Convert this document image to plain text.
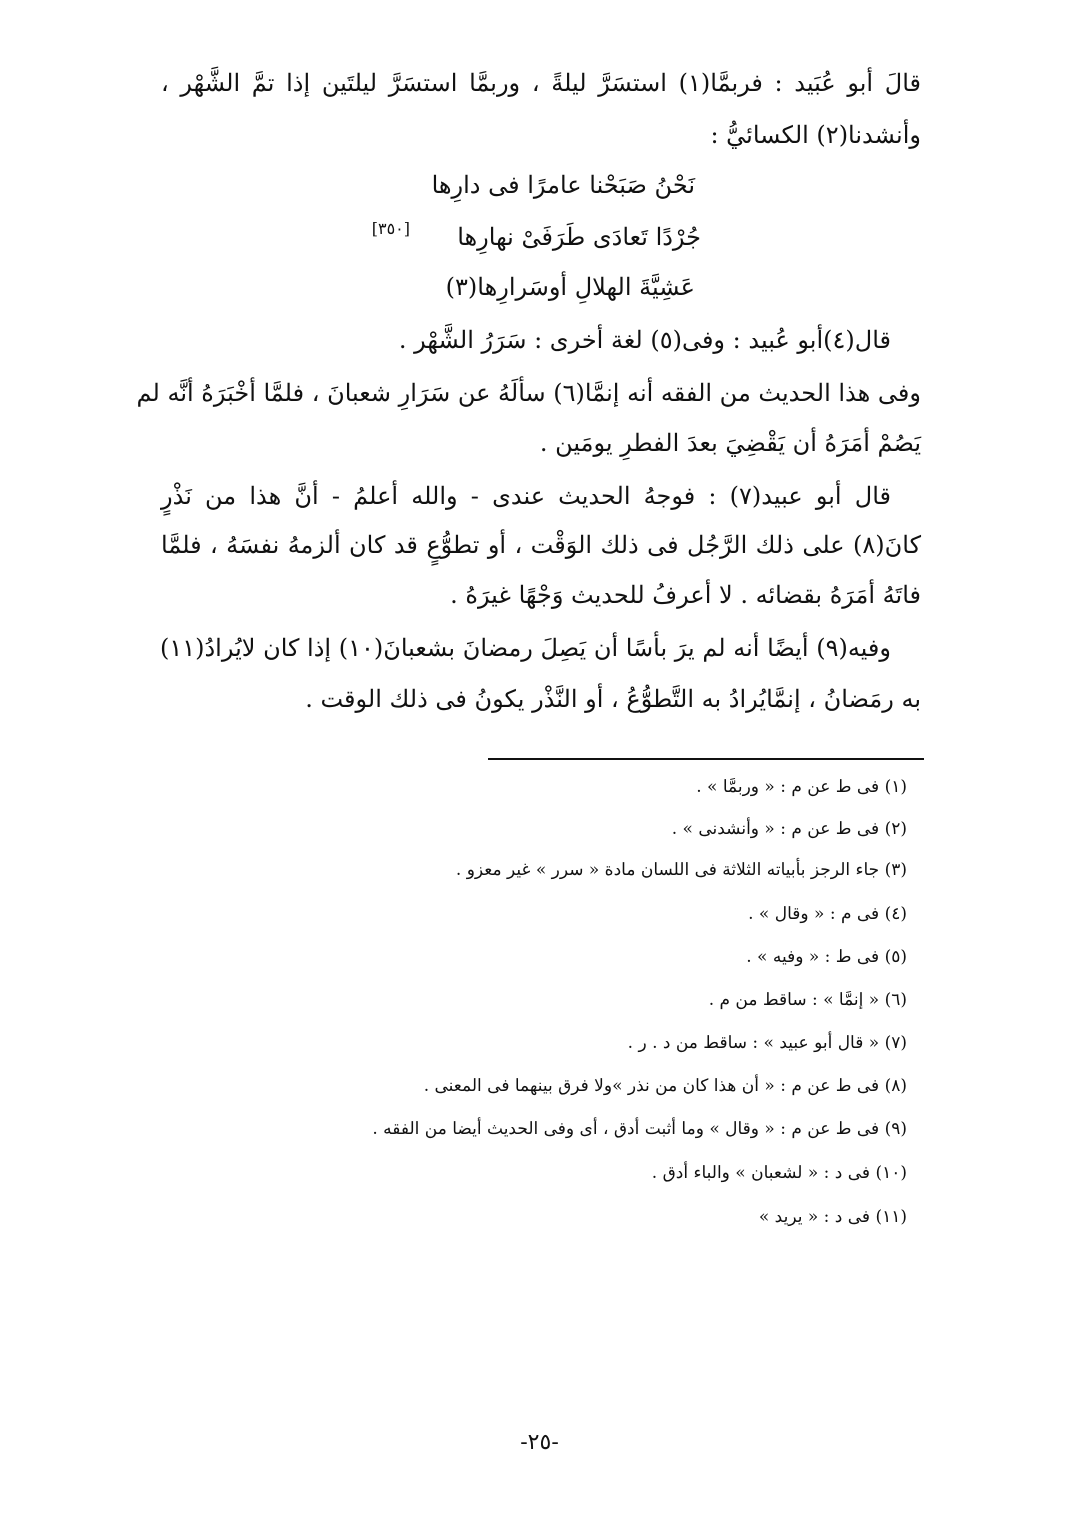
قالَ أبو عُبَيد : فربمَّا(١) استسَرَّ ليلةً ، وربمَّا استسَرَّ ليلتَين إذا تمَّ الشَّهْر ،
وأنشدنا(٢) الكسائيُّ :
نَحْنُ صَبَحْنا عامرًا فى دارِها
جُرْدًا تَعادَى طَرَفَىْ نهارِها
[٣٥٠]
عَشِيَّةَ الهلالِ أوسَرارِها(٣)
قال(٤)أبو عُبيد : وفى(٥) لغة أخرى : سَرَرُ الشَّهْر .
وفى هذا الحديث من الفقه أنه إنمَّا(٦) سألَهُ عن سَرَارِ شعبانَ ، فلمَّا أخْبَرَهُ أنَّه لم
يَصُمْ أمَرَهُ أن يَقْضِيَ بعدَ الفطرِ يومَين .
قال أبو عبيد(٧) : فوجهُ الحديث عندى - والله أعلمُ - أنَّ هذا من نَذْرٍ
كانَ(٨) على ذلك الرَّجُل فى ذلك الوَقْت ، أو تطوُّعٍ قد كان ألزمهُ نفسَهُ ، فلمَّا
فاتَهُ أمَرَهُ بقضائه . لا أعرفُ للحديث وَجْهًا غيرَهُ .
وفيه(٩) أيضًا أنه لم يرَ بأسًا أن يَصِلَ رمضانَ بشعبانَ(١٠) إذا كان لايُرادُ(١١)
به رمَضانُ ، إنمَّايُرادُ به التَّطوُّعُ ، أو النَّذْر يكونُ فى ذلك الوقت .
(١) فى ط عن م : « وربمَّا » .
(٢) فى ط عن م : « وأنشدنى » .
(٣) جاء الرجز بأبياته الثلاثة فى اللسان مادة « سرر » غير معزو .
(٤) فى م : « وقال » .
(٥) فى ط : « وفيه » .
(٦) « إنمَّا » : ساقط من م .
(٧) « قال أبو عبيد » : ساقط من د . ر .
(٨) فى ط عن م : « أن هذا كان من نذر »ولا فرق بينهما فى المعنى .
(٩) فى ط عن م : « وقال » وما أثبت أدق ، أى وفى الحديث أيضا من الفقه .
(١٠) فى د : « لشعبان » والباء أدق .
(١١) فى د : « يريد »
-٢٥-
